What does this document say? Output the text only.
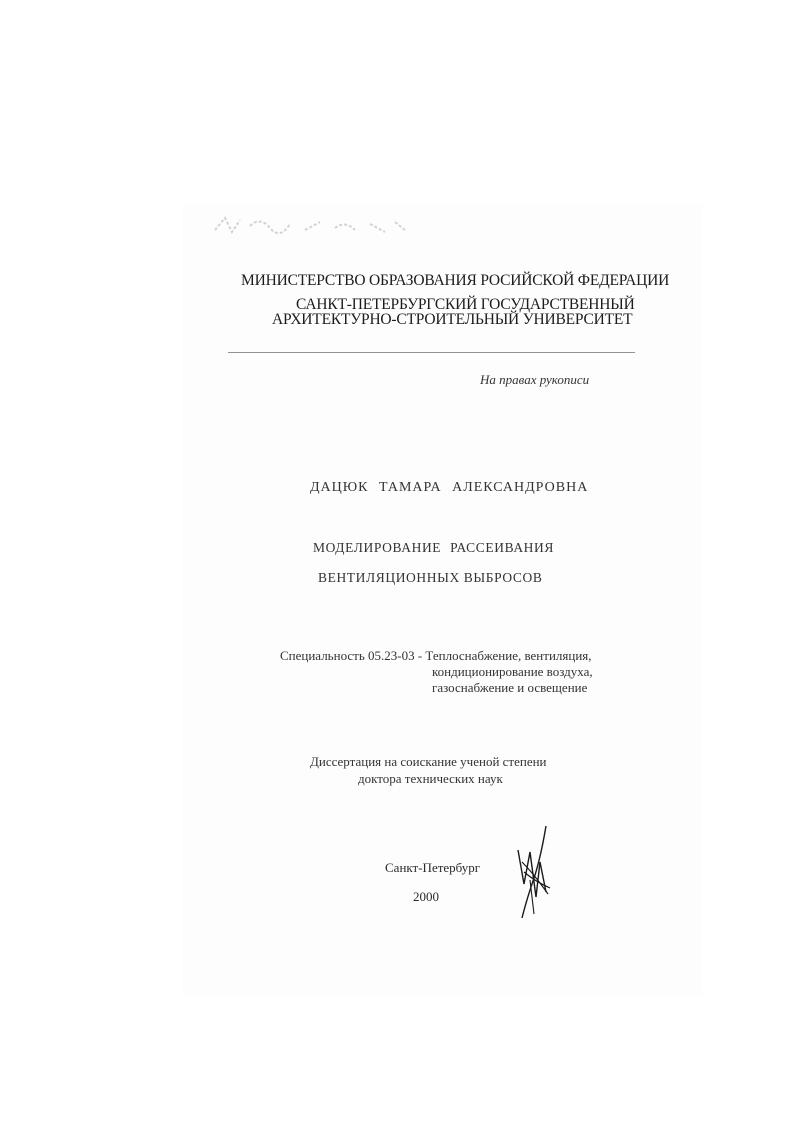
МИНИСТЕРСТВО ОБРАЗОВАНИЯ РОСИЙСКОЙ ФЕДЕРАЦИИ
САНКТ-ПЕТЕРБУРГСКИЙ ГОСУДАРСТВЕННЫЙ
АРХИТЕКТУРНО-СТРОИТЕЛЬНЫЙ УНИВЕРСИТЕТ
На правах рукописи
ДАЦЮК ТАМАРА АЛЕКСАНДРОВНА
МОДЕЛИРОВАНИЕ РАССЕИВАНИЯ
ВЕНТИЛЯЦИОННЫХ ВЫБРОСОВ
Специальность 05.23-03 - Теплоснабжение, вентиляция,
кондиционирование воздуха,
газоснабжение и освещение
Диссертация на соискание ученой степени
доктора технических наук
Санкт-Петербург
2000
